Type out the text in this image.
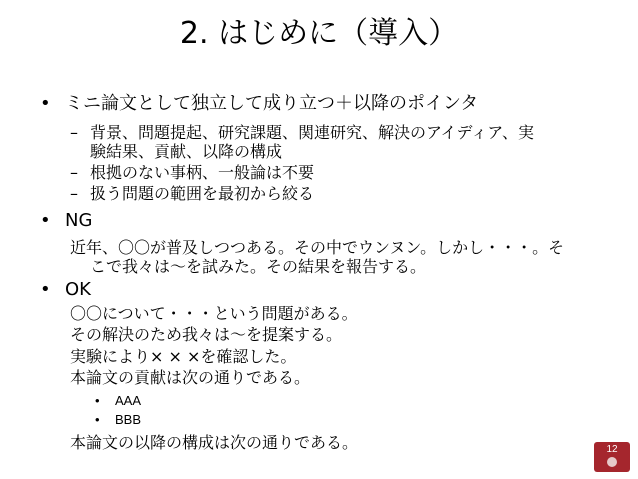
2. はじめに（導入）
• ミニ論文として独立して成り立つ＋以降のポインタ
– 背景、問題提起、研究課題、関連研究、解決のアイディア、実
験結果、貢献、以降の構成
– 根拠のない事柄、一般論は不要
– 扱う問題の範囲を最初から絞る
• NG
近年、〇〇が普及しつつある。その中でウンヌン。しかし・・・。そ
こで我々は～を試みた。その結果を報告する。
• OK
〇〇について・・・という問題がある。
その解決のため我々は～を提案する。
実験により× × ×を確認した。
本論文の貢献は次の通りである。
• AAA
• BBB
本論文の以降の構成は次の通りである。	12
